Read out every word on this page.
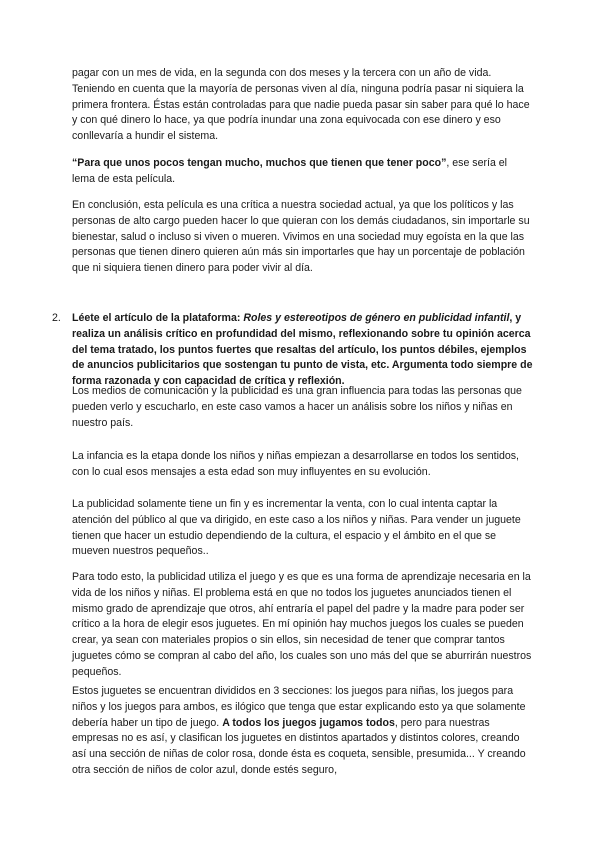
pagar con un mes de vida, en la segunda con dos meses y la tercera con un año de vida. Teniendo en cuenta que la mayoría de personas viven al día, ninguna podría pasar ni siquiera la primera frontera. Éstas están controladas para que nadie pueda pasar sin saber para qué lo hace y con qué dinero lo hace, ya que podría inundar una zona equivocada con ese dinero y eso conllevaría a hundir el sistema.

“Para que unos pocos tengan mucho, muchos que tienen que tener poco”, ese sería el lema de esta película.

En conclusión, esta película es una crítica a nuestra sociedad actual, ya que los políticos y las personas de alto cargo pueden hacer lo que quieran con los demás ciudadanos, sin importarle su bienestar, salud o incluso si viven o mueren. Vivimos en una sociedad muy egoísta en la que las personas que tienen dinero quieren aún más sin importarles que hay un porcentaje de población que ni siquiera tienen dinero para poder vivir al día.

2. Léete el artículo de la plataforma: Roles y estereotipos de género en publicidad infantil, y realiza un análisis crítico en profundidad del mismo, reflexionando sobre tu opinión acerca del tema tratado, los puntos fuertes que resaltas del artículo, los puntos débiles, ejemplos de anuncios publicitarios que sostengan tu punto de vista, etc. Argumenta todo siempre de forma razonada y con capacidad de crítica y reflexión.

Los medios de comunicación y la publicidad es una gran influencia para todas las personas que pueden verlo y escucharlo, en este caso vamos a hacer un análisis sobre los niños y niñas en nuestro país.

La infancia es la etapa donde los niños y niñas empiezan a desarrollarse en todos los sentidos, con lo cual esos mensajes a esta edad son muy influyentes en su evolución.

La publicidad solamente tiene un fin y es incrementar la venta, con lo cual intenta captar la atención del público al que va dirigido, en este caso a los niños y niñas. Para vender un juguete tienen que hacer un estudio dependiendo de la cultura, el espacio y el ámbito en el que se mueven nuestros pequeños..

Para todo esto, la publicidad utiliza el juego y es que es una forma de aprendizaje necesaria en la vida de los niños y niñas. El problema está en que no todos los juguetes anunciados tienen el mismo grado de aprendizaje que otros, ahí entraría el papel del padre y la madre para poder ser crítico a la hora de elegir esos juguetes. En mí opinión hay muchos juegos los cuales se pueden crear, ya sean con materiales propios o sin ellos, sin necesidad de tener que comprar tantos juguetes cómo se compran al cabo del año, los cuales son uno más del que se aburrirán nuestros pequeños.

Estos juguetes se encuentran divididos en 3 secciones: los juegos para niñas, los juegos para niños y los juegos para ambos, es ilógico que tenga que estar explicando esto ya que solamente debería haber un tipo de juego. A todos los juegos jugamos todos, pero para nuestras empresas no es así, y clasifican los juguetes en distintos apartados y distintos colores, creando así una sección de niñas de color rosa, donde ésta es coqueta, sensible, presumida... Y creando otra sección de niños de color azul, donde estés seguro,
